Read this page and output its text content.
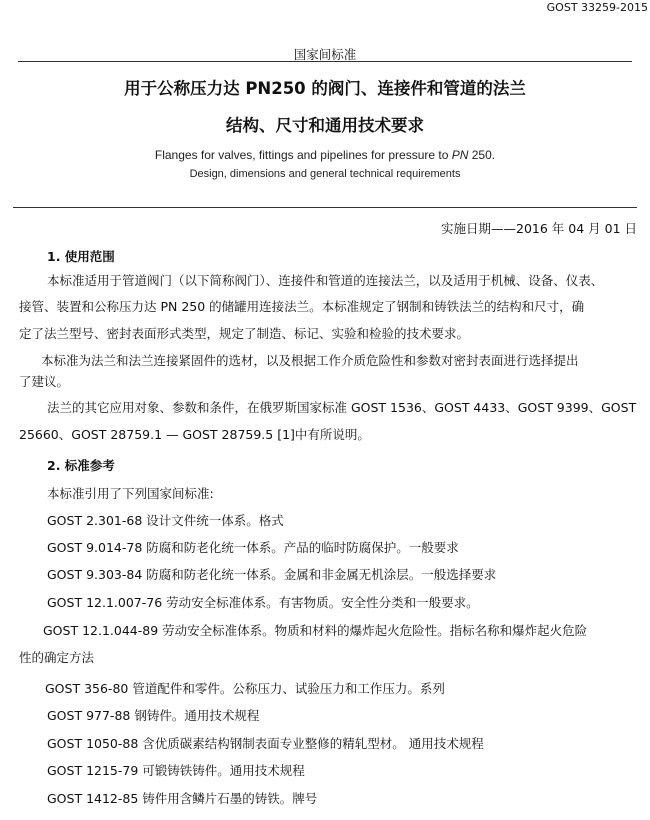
GOST 33259-2015
国家间标准
用于公称压力达 PN250 的阀门、连接件和管道的法兰
结构、尺寸和通用技术要求
Flanges for valves, fittings and pipelines for pressure to PN 250.
Design, dimensions and general technical requirements
实施日期——2016 年 04 月 01 日
1. 使用范围
本标准适用于管道阀门（以下简称阀门）、连接件和管道的连接法兰，以及适用于机械、设备、仪表、
接管、装置和公称压力达 PN 250 的储罐用连接法兰。本标准规定了钢制和铸铁法兰的结构和尺寸，确
定了法兰型号、密封表面形式类型，规定了制造、标记、实验和检验的技术要求。
本标准为法兰和法兰连接紧固件的选材，以及根据工作介质危险性和参数对密封表面进行选择提出
了建议。
法兰的其它应用对象、参数和条件，在俄罗斯国家标准 GOST 1536、GOST 4433、GOST 9399、GOST
25660、GOST 28759.1 — GOST 28759.5 [1]中有所说明。
2. 标准参考
本标准引用了下列国家间标准:
GOST 2.301-68 设计文件统一体系。格式
GOST 9.014-78 防腐和防老化统一体系。产品的临时防腐保护。一般要求
GOST 9.303-84 防腐和防老化统一体系。金属和非金属无机涂层。一般选择要求
GOST 12.1.007-76 劳动安全标准体系。有害物质。安全性分类和一般要求。
GOST 12.1.044-89 劳动安全标准体系。物质和材料的爆炸起火危险性。指标名称和爆炸起火危险
性的确定方法
GOST 356-80 管道配件和零件。公称压力、试验压力和工作压力。系列
GOST 977-88 钢铸件。通用技术规程
GOST 1050-88 含优质碳素结构钢制表面专业整修的精轧型材。 通用技术规程
GOST 1215-79 可锻铸铁铸件。通用技术规程
GOST 1412-85 铸件用含鳞片石墨的铸铁。牌号
